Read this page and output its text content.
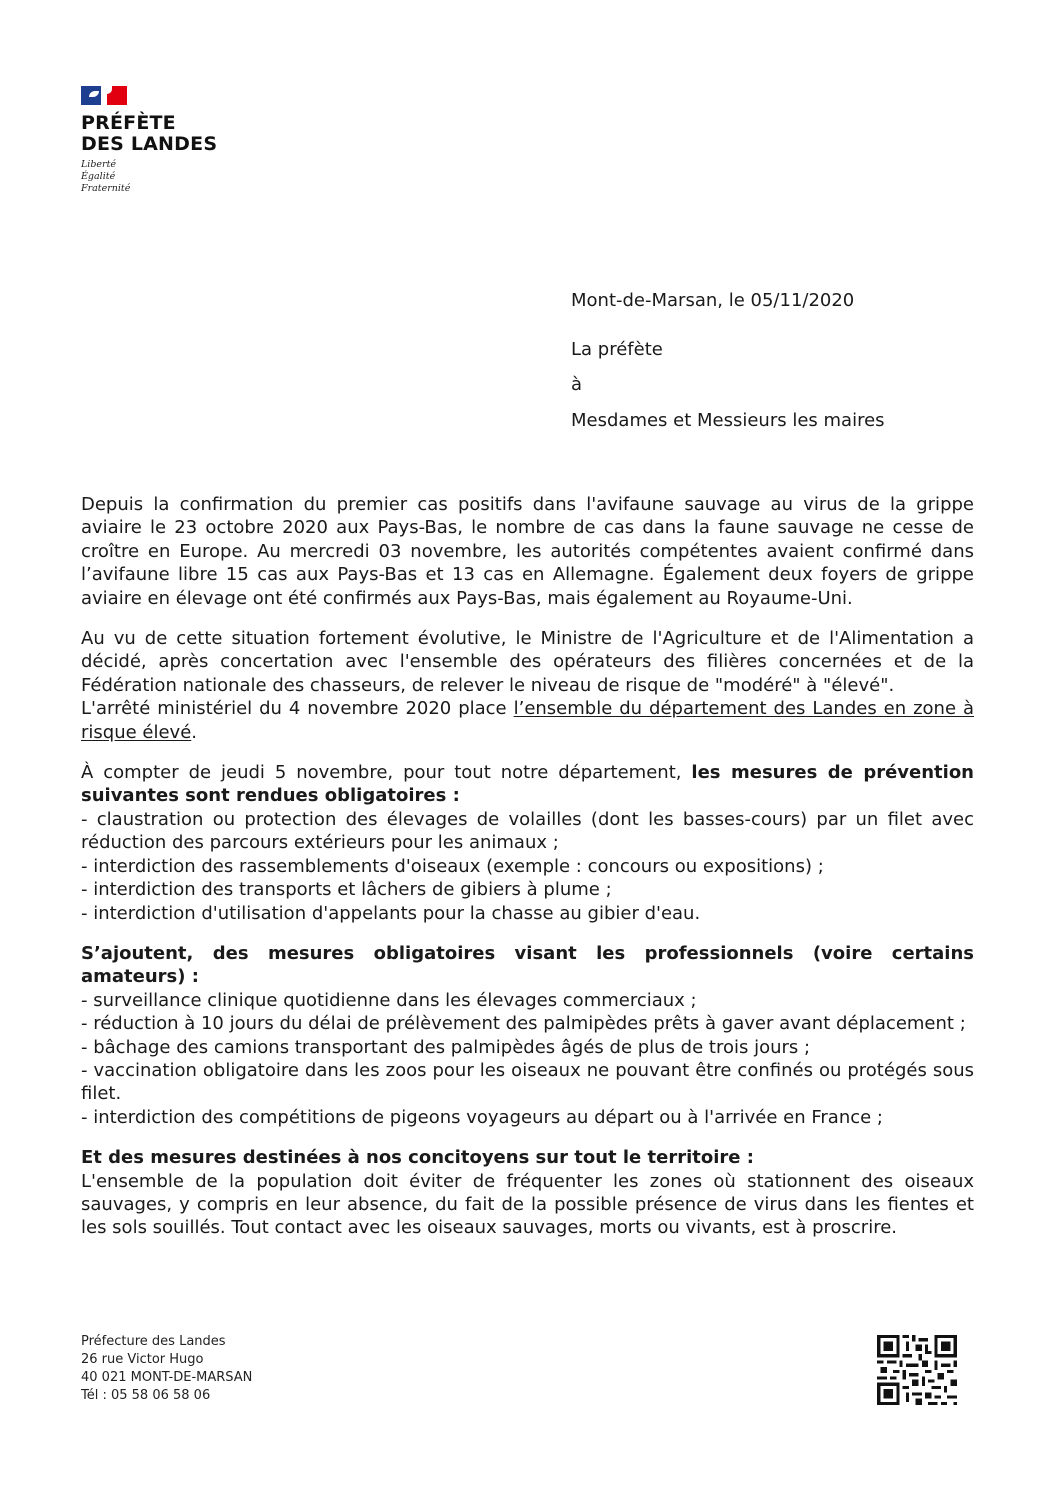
PRÉFÈTE
DES LANDES
Liberté
Égalité
Fraternité
Mont-de-Marsan, le 05/11/2020
La préfète
à
Mesdames et Messieurs les maires

Depuis la confirmation du premier cas positifs dans l'avifaune sauvage au virus de la grippe aviaire le 23 octobre 2020 aux Pays-Bas, le nombre de cas dans la faune sauvage ne cesse de croître en Europe. Au mercredi 03 novembre, les autorités compétentes avaient confirmé dans l’avifaune libre 15 cas aux Pays-Bas et 13 cas en Allemagne. Également deux foyers de grippe aviaire en élevage ont été confirmés aux Pays-Bas, mais également au Royaume-Uni.

Au vu de cette situation fortement évolutive, le Ministre de l'Agriculture et de l'Alimentation a décidé, après concertation avec l'ensemble des opérateurs des filières concernées et de la Fédération nationale des chasseurs, de relever le niveau de risque de "modéré" à "élevé".

L'arrêté ministériel du 4 novembre 2020 place l’ensemble du département des Landes en zone à risque élevé.

À compter de jeudi 5 novembre, pour tout notre département, les mesures de prévention suivantes sont rendues obligatoires :

- claustration ou protection des élevages de volailles (dont les basses-cours) par un filet avec réduction des parcours extérieurs pour les animaux ;

- interdiction des rassemblements d'oiseaux (exemple : concours ou expositions) ;

- interdiction des transports et lâchers de gibiers à plume ;

- interdiction d'utilisation d'appelants pour la chasse au gibier d'eau.

S’ajoutent, des mesures obligatoires visant les professionnels (voire certains amateurs) :

- surveillance clinique quotidienne dans les élevages commerciaux ;

- réduction à 10 jours du délai de prélèvement des palmipèdes prêts à gaver avant déplacement ;

- bâchage des camions transportant des palmipèdes âgés de plus de trois jours ;

- vaccination obligatoire dans les zoos pour les oiseaux ne pouvant être confinés ou protégés sous filet.

- interdiction des compétitions de pigeons voyageurs au départ ou à l'arrivée en France ;

Et des mesures destinées à nos concitoyens sur tout le territoire :

L'ensemble de la population doit éviter de fréquenter les zones où stationnent des oiseaux sauvages, y compris en leur absence, du fait de la possible présence de virus dans les fientes et les sols souillés. Tout contact avec les oiseaux sauvages, morts ou vivants, est à proscrire.

Préfecture des Landes
26 rue Victor Hugo
40 021 MONT-DE-MARSAN
Tél : 05 58 06 58 06
